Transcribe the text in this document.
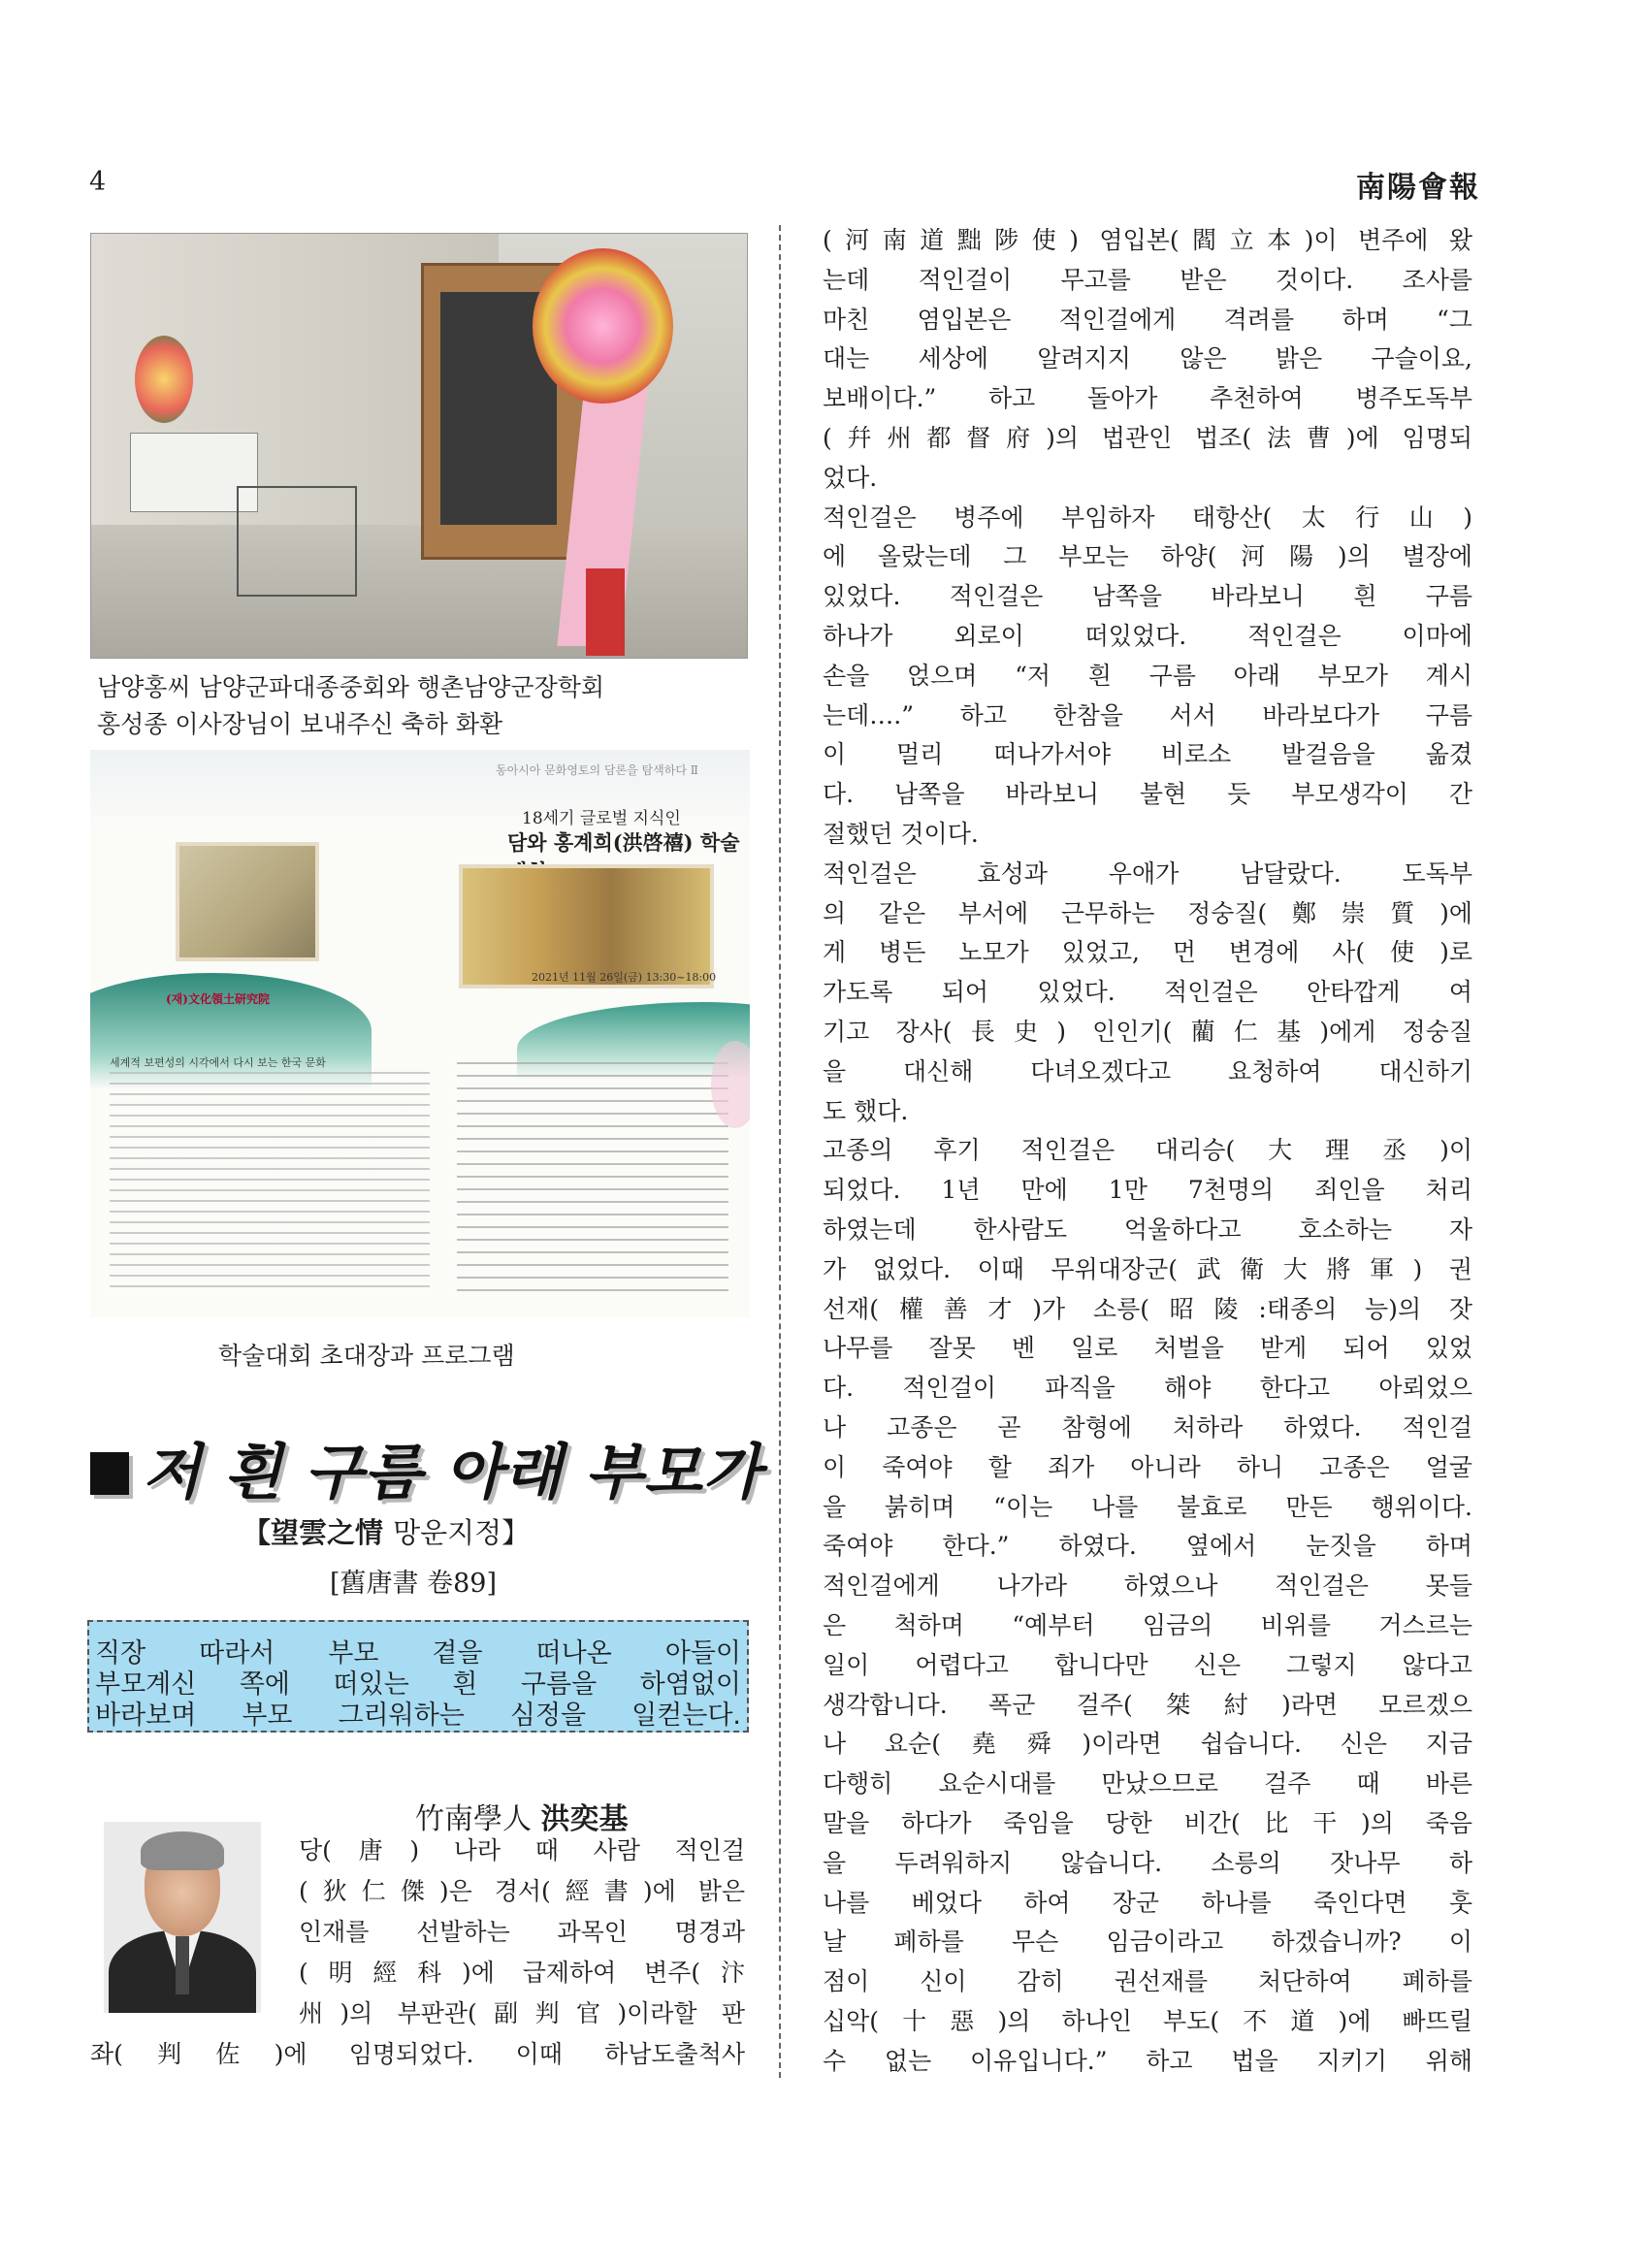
4	南陽會報
남양홍씨 남양군파대종중회와 행촌남양군장학회
홍성종 이사장님이 보내주신 축하 화환
동아시아 문화영토의 담론을 탐색하다 Ⅱ
18세기 글로벌 지식인
담와 홍계희(洪啓禧) 학술
(재)文化領土研究院
2021년 11월 26일(금) 13:30~18:00
세계적 보편성의 시각에서 다시 보는 한국 문화
학술대회 초대장과 프로그램
저 흰 구름 아래 부모가
【望雲之情 망운지정】
[舊唐書 卷89]
직장 따라서 부모 곁을 떠나온 아들이
부모계신 쪽에 떠있는 흰 구름을 하염없이
바라보며 부모 그리워하는 심정을 일컫는다.
竹南學人 洪奕基
당(唐) 나라 때 사람 적인걸
(狄仁傑)은 경서(經書)에 밝은
인재를 선발하는 과목인 명경과
(明經科)에 급제하여 변주(汴
州)의 부판관(副判官)이라할 판
좌(判佐)에 임명되었다. 이때 하남도출척사
(河南道黜陟使) 염입본(閻立本)이 변주에 왔
는데 적인걸이 무고를 받은 것이다. 조사를
마친 염입본은 적인걸에게 격려를 하며 “그
대는 세상에 알려지지 않은 밝은 구슬이요,
보배이다.” 하고 돌아가 추천하여 병주도독부
(幷州都督府)의 법관인 법조(法曹)에 임명되
었다.
적인걸은 병주에 부임하자 태항산(太行山)
에 올랐는데 그 부모는 하양(河陽)의 별장에
있었다. 적인걸은 남쪽을 바라보니 흰 구름
하나가 외로이 떠있었다. 적인걸은 이마에
손을 얹으며 “저 흰 구름 아래 부모가 계시
는데….” 하고 한참을 서서 바라보다가 구름
이 멀리 떠나가서야 비로소 발걸음을 옮겼
다. 남쪽을 바라보니 불현 듯 부모생각이 간
절했던 것이다.
적인걸은 효성과 우애가 남달랐다. 도독부
의 같은 부서에 근무하는 정숭질(鄭崇質)에
게 병든 노모가 있었고, 먼 변경에 사(使)로
가도록 되어 있었다. 적인걸은 안타깝게 여
기고 장사(長史) 인인기(藺仁基)에게 정숭질
을 대신해 다녀오겠다고 요청하여 대신하기
도 했다.
고종의 후기 적인걸은 대리승(大理丞)이
되었다. 1년 만에 1만 7천명의 죄인을 처리
하였는데 한사람도 억울하다고 호소하는 자
가 없었다. 이때 무위대장군(武衛大將軍) 권
선재(權善才)가 소릉(昭陵:태종의 능)의 잣
나무를 잘못 벤 일로 처벌을 받게 되어 있었
다. 적인걸이 파직을 해야 한다고 아뢰었으
나 고종은 곧 참형에 처하라 하였다. 적인걸
이 죽여야 할 죄가 아니라 하니 고종은 얼굴
을 붉히며 “이는 나를 불효로 만든 행위이다.
죽여야 한다.” 하였다. 옆에서 눈짓을 하며
적인걸에게 나가라 하였으나 적인걸은 못들
은 척하며 “예부터 임금의 비위를 거스르는
일이 어렵다고 합니다만 신은 그렇지 않다고
생각합니다. 폭군 걸주(桀紂)라면 모르겠으
나 요순(堯舜)이라면 쉽습니다. 신은 지금
다행히 요순시대를 만났으므로 걸주 때 바른
말을 하다가 죽임을 당한 비간(比干)의 죽음
을 두려워하지 않습니다. 소릉의 잣나무 하
나를 베었다 하여 장군 하나를 죽인다면 훗
날 폐하를 무슨 임금이라고 하겠습니까? 이
점이 신이 감히 권선재를 처단하여 폐하를
십악(十惡)의 하나인 부도(不道)에 빠뜨릴
수 없는 이유입니다.” 하고 법을 지키기 위해
